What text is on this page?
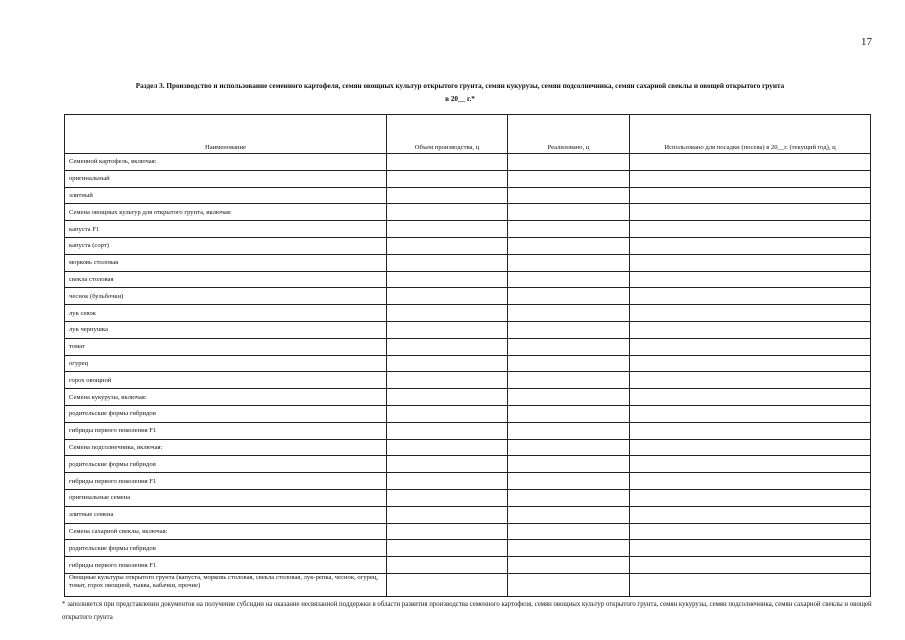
17
Раздел 3. Производство и использование семенного картофеля, семян овощных культур открытого грунта, семян кукурузы, семян подсолнечника, семян сахарной свеклы и овощей открытого грунта
в 20__ г.*
Наименование	Объем производства, ц	Реализовано, ц	Использовано для посадки (посева) в 20__г. (текущий год), ц
Семенной картофель, включая:			
оригинальный			
элитный			
Семена овощных культур для открытого грунта, включая:			
капуста F1			
капуста (сорт)			
морковь столовая			
свекла столовая			
чеснок (бульбочки)			
лук севок			
лук чернушка			
томат			
огурец			
горох овощной			
Семена кукурузы, включая:			
родительские формы гибридов			
гибриды первого поколения F1			
Семена подсолнечника, включая:			
родительские формы гибридов			
гибриды первого поколения F1			
оригинальные семена			
элитные семена			
Семена сахарной свеклы, включая:			
родительские формы гибридов			
гибриды первого поколения F1			
Овощные культуры открытого грунта (капуста, морковь столовая, свекла столовая, лук-репка, чеснок, огурец, томат, горох овощной, тыква, кабачки, прочие)			
* заполняется при представлении документов на получение субсидии на оказание несвязанной поддержки в области развития производства семенного картофеля, семян овощных культур открытого грунта, семян кукурузы, семян подсолнечника, семян сахарной свеклы и овощей открытого грунта
